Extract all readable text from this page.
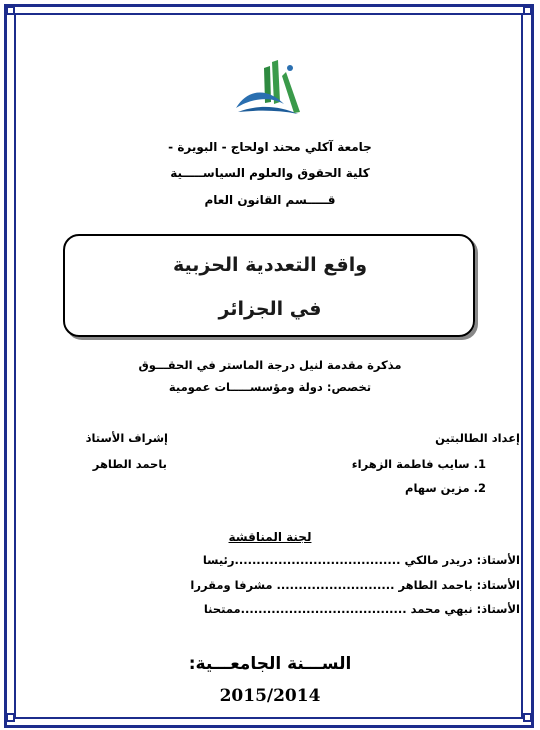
جامعة آكلي محند اولحاج - البويرة -
كلية الحقوق والعلوم السياســـــية
قـــــسم القانون العام
واقع التعددية الحزبية
في الجزائر
مذكرة مقدمة لنيل درجة الماستر في الحقـــوق
تخصص: دولة ومؤسســـــات عمومية
إعداد الطالبتين
1. سايب فاطمة الزهراء
2. مزين سهام
إشراف الأستاذ
باحمد الطاهر
لجنة المناقشة
الأستاذ: دريدر مالكي ......................................رئيسا
الأستاذ: باحمد الطاهر ........................... مشرفا ومقررا
الأستاذ: نبهي محمد ......................................ممتحنا
الســـنة الجامعـــية:
2015/2014
